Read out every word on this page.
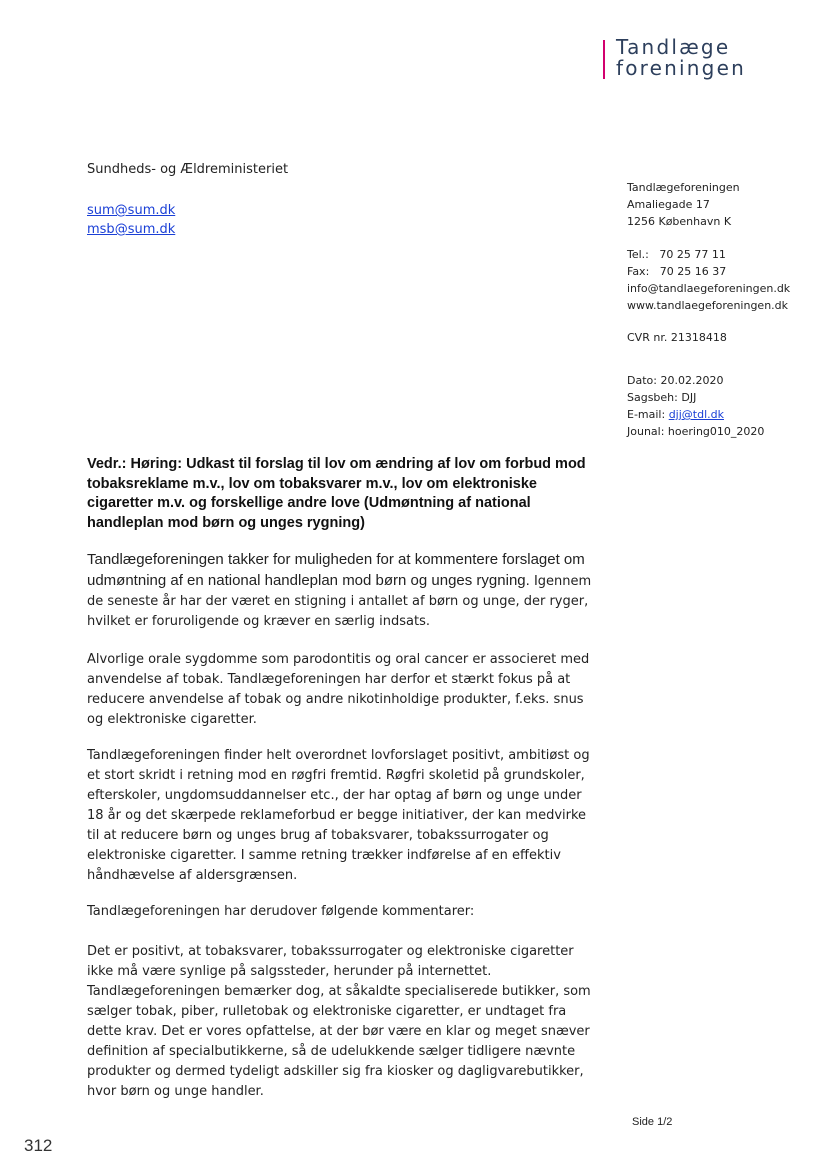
Tandlæge
foreningen
Sundheds- og Ældreministeriet
sum@sum.dk
msb@sum.dk
Tandlægeforeningen
Amaliegade 17
1256 København K
Tel.:   70 25 77 11
Fax:   70 25 16 37
info@tandlaegeforeningen.dk
www.tandlaegeforeningen.dk
CVR nr. 21318418
Dato: 20.02.2020
Sagsbeh: DJJ
E-mail: djj@tdl.dk
Jounal: hoering010_2020
Vedr.: Høring: Udkast til forslag til lov om ændring af lov om forbud mod tobaksreklame m.v., lov om tobaksvarer m.v., lov om elektroniske cigaretter m.v. og forskellige andre love (Udmøntning af national handleplan mod børn og unges rygning)

Tandlægeforeningen takker for muligheden for at kommentere forslaget om udmøntning af en national handleplan mod børn og unges rygning. Igennem de seneste år har der været en stigning i antallet af børn og unge, der ryger, hvilket er foruroligende og kræver en særlig indsats.

Alvorlige orale sygdomme som parodontitis og oral cancer er associeret med anvendelse af tobak. Tandlægeforeningen har derfor et stærkt fokus på at reducere anvendelse af tobak og andre nikotinholdige produkter, f.eks. snus og elektroniske cigaretter.
Tandlægeforeningen finder helt overordnet lovforslaget positivt, ambitiøst og et stort skridt i retning mod en røgfri fremtid. Røgfri skoletid på grundskoler, efterskoler, ungdomsuddannelser etc., der har optag af børn og unge under 18 år og det skærpede reklameforbud er begge initiativer, der kan medvirke til at reducere børn og unges brug af tobaksvarer, tobakssurrogater og elektroniske cigaretter. I samme retning trækker indførelse af en effektiv håndhævelse af aldersgrænsen.
Tandlægeforeningen har derudover følgende kommentarer:
Det er positivt, at tobaksvarer, tobakssurrogater og elektroniske cigaretter ikke må være synlige på salgssteder, herunder på internettet. Tandlægeforeningen bemærker dog, at såkaldte specialiserede butikker, som sælger tobak, piber, rulletobak og elektroniske cigaretter, er undtaget fra dette krav. Det er vores opfattelse, at der bør være en klar og meget snæver definition af specialbutikkerne, så de udelukkende sælger tidligere nævnte produkter og dermed tydeligt adskiller sig fra kiosker og dagligvarebutikker, hvor børn og unge handler.
Side 1/2
312
